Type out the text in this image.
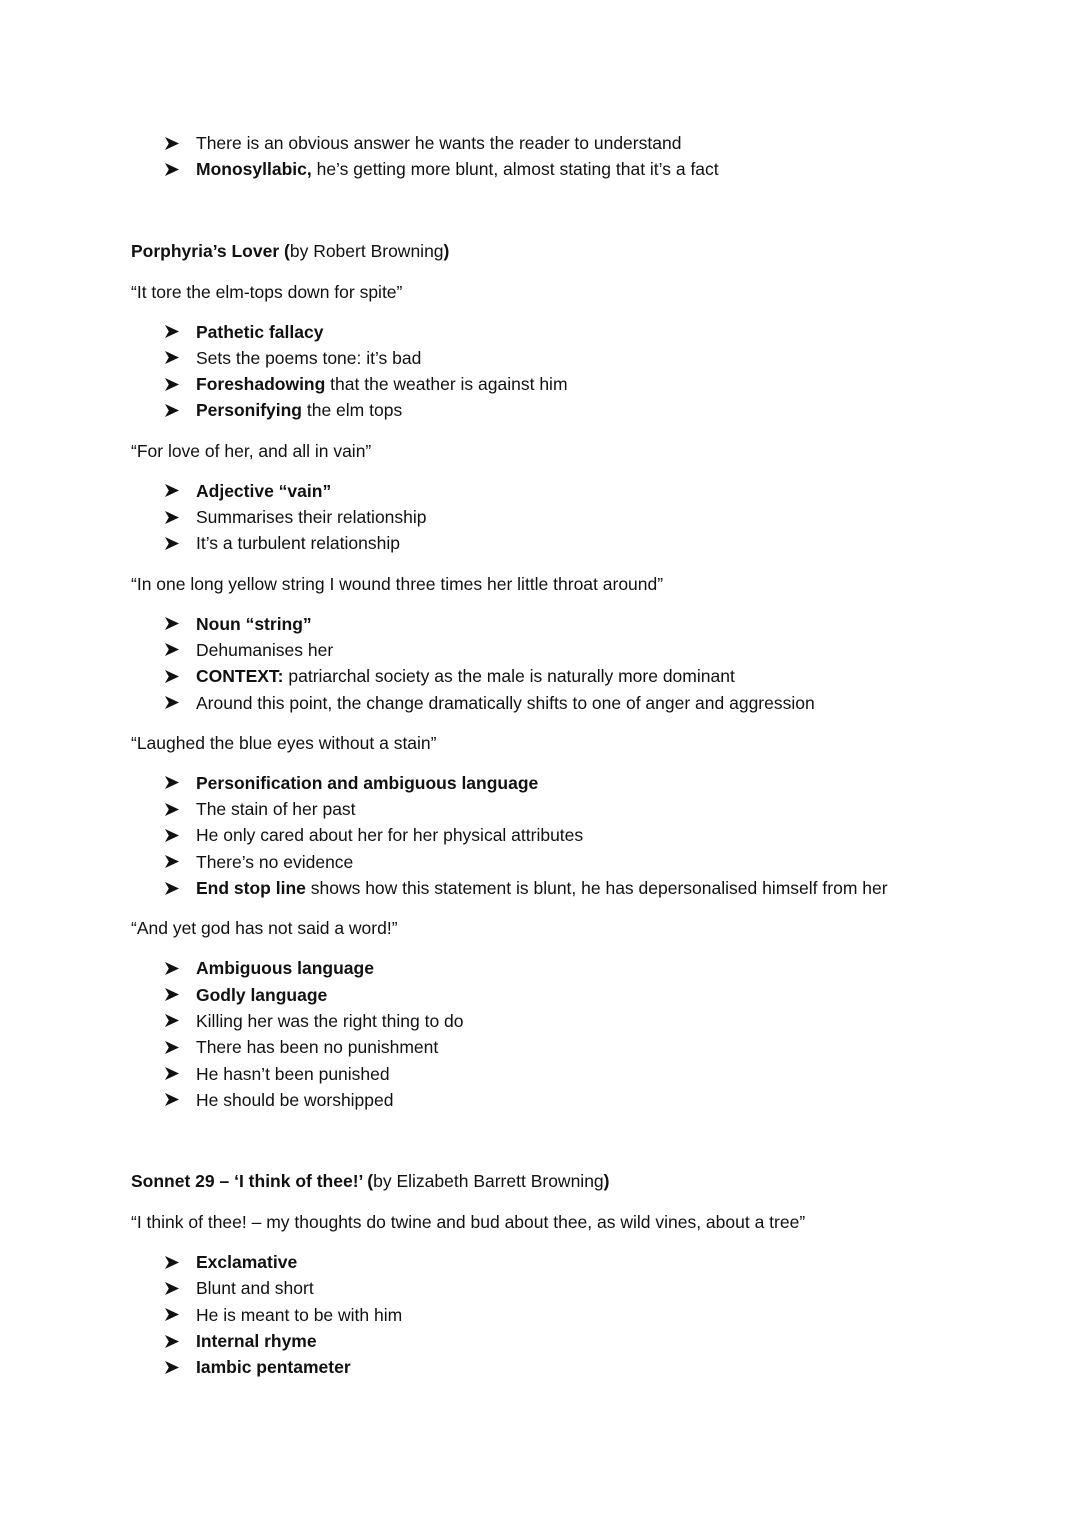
There is an obvious answer he wants the reader to understand
Monosyllabic, he’s getting more blunt, almost stating that it’s a fact
Porphyria’s Lover (by Robert Browning)
“It tore the elm-tops down for spite”
Pathetic fallacy
Sets the poems tone: it’s bad
Foreshadowing that the weather is against him
Personifying the elm tops
“For love of her, and all in vain”
Adjective “vain”
Summarises their relationship
It’s a turbulent relationship
“In one long yellow string I wound three times her little throat around”
Noun “string”
Dehumanises her
CONTEXT: patriarchal society as the male is naturally more dominant
Around this point, the change dramatically shifts to one of anger and aggression
“Laughed the blue eyes without a stain”
Personification and ambiguous language
The stain of her past
He only cared about her for her physical attributes
There’s no evidence
End stop line shows how this statement is blunt, he has depersonalised himself from her
“And yet god has not said a word!”
Ambiguous language
Godly language
Killing her was the right thing to do
There has been no punishment
He hasn’t been punished
He should be worshipped
Sonnet 29 – ‘I think of thee!’ (by Elizabeth Barrett Browning)
“I think of thee! – my thoughts do twine and bud about thee, as wild vines, about a tree”
Exclamative
Blunt and short
He is meant to be with him
Internal rhyme
Iambic pentameter
